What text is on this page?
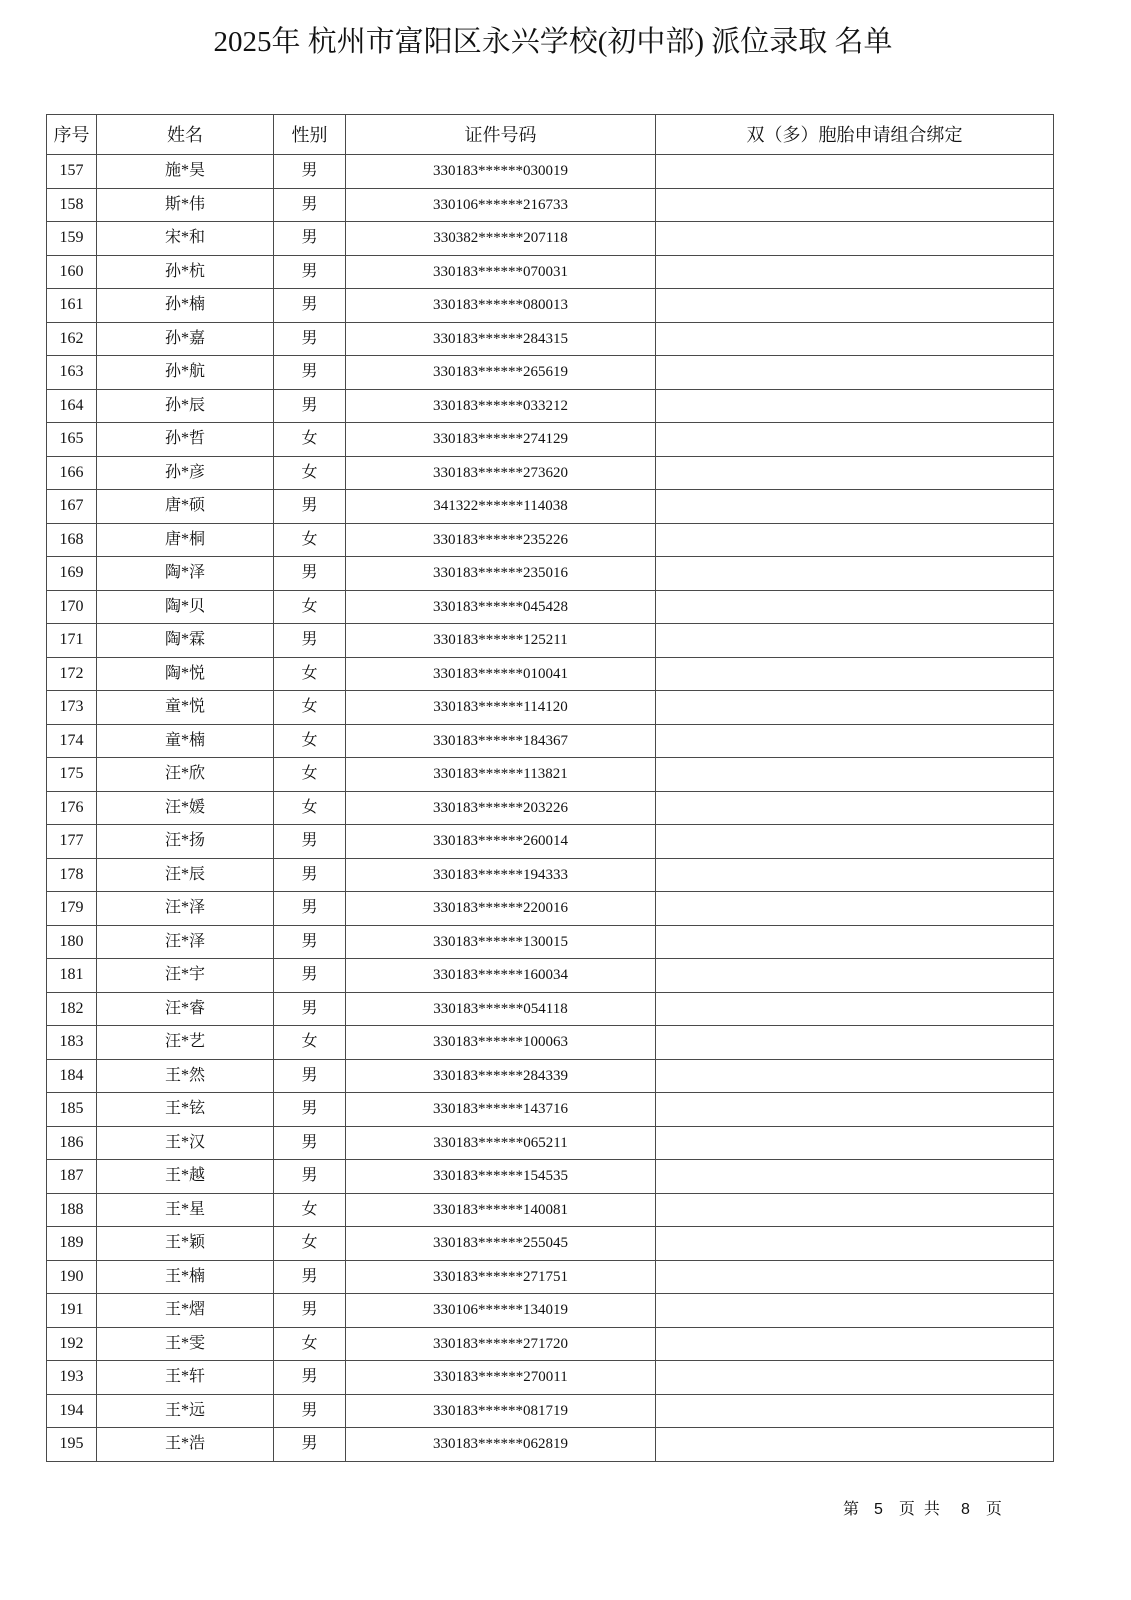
2025年 杭州市富阳区永兴学校(初中部) 派位录取 名单
序号	姓名	性别	证件号码	双（多）胞胎申请组合绑定
157	施*昊	男	330183******030019
158	斯*伟	男	330106******216733
159	宋*和	男	330382******207118
160	孙*杭	男	330183******070031
161	孙*楠	男	330183******080013
162	孙*嘉	男	330183******284315
163	孙*航	男	330183******265619
164	孙*辰	男	330183******033212
165	孙*哲	女	330183******274129
166	孙*彦	女	330183******273620
167	唐*硕	男	341322******114038
168	唐*桐	女	330183******235226
169	陶*泽	男	330183******235016
170	陶*贝	女	330183******045428
171	陶*霖	男	330183******125211
172	陶*悦	女	330183******010041
173	童*悦	女	330183******114120
174	童*楠	女	330183******184367
175	汪*欣	女	330183******113821
176	汪*媛	女	330183******203226
177	汪*扬	男	330183******260014
178	汪*辰	男	330183******194333
179	汪*泽	男	330183******220016
180	汪*泽	男	330183******130015
181	汪*宇	男	330183******160034
182	汪*睿	男	330183******054118
183	汪*艺	女	330183******100063
184	王*然	男	330183******284339
185	王*铉	男	330183******143716
186	王*汉	男	330183******065211
187	王*越	男	330183******154535
188	王*星	女	330183******140081
189	王*颖	女	330183******255045
190	王*楠	男	330183******271751
191	王*熠	男	330106******134019
192	王*雯	女	330183******271720
193	王*轩	男	330183******270011
194	王*远	男	330183******081719
195	王*浩	男	330183******062819
第 5 页共 8 页
